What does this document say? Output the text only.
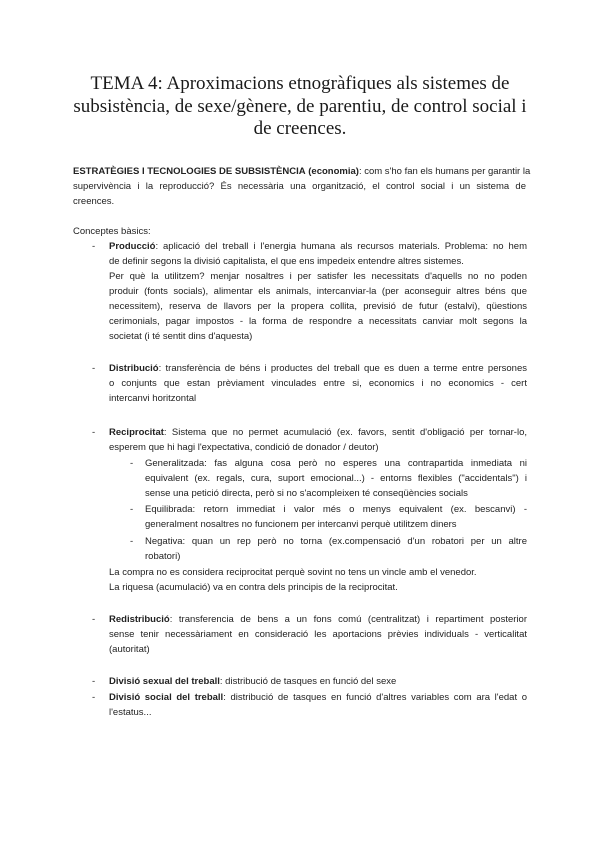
TEMA 4: Aproximacions etnogràfiques als sistemes de
subsistència, de sexe/gènere, de parentiu, de control social i
de creences.
ESTRATÈGIES I TECNOLOGIES DE SUBSISTÈNCIA (economia): com s'ho fan els humans per garantir la
supervivència i la reproducció? És necessària una organització, el control social i un sistema de
creences.
Conceptes bàsics:
- Producció: aplicació del treball i l'energia humana als recursos materials. Problema: no hem
de definir segons la divisió capitalista, el que ens impedeix entendre altres sistemes.
Per què la utilitzem? menjar nosaltres i per satisfer les necessitats d'aquells no no poden
produir (fonts socials), alimentar els animals, intercanviar-la (per aconseguir altres béns que
necessitem), reserva de llavors per la propera collita, previsió de futur (estalvi), qüestions
cerimonials, pagar impostos - la forma de respondre a necessitats canviar molt segons la
societat (i té sentit dins d'aquesta)
- Distribució: transferència de béns i productes del treball que es duen a terme entre persones
o conjunts que estan prèviament vinculades entre si, economics i no economics - cert
intercanvi horitzontal
- Reciprocitat: Sistema que no permet acumulació (ex. favors, sentit d'obligació per tornar-lo,
esperem que hi hagi l'expectativa, condició de donador / deutor)
- Generalitzada: fas alguna cosa però no esperes una contrapartida inmediata ni
equivalent (ex. regals, cura, suport emocional...) - entorns flexibles ("accidentals") i
sense una petició directa, però si no s'acompleixen té conseqüències socials
- Equilibrada: retorn immediat i valor més o menys equivalent (ex. bescanvi) -
generalment nosaltres no funcionem per intercanvi perquè utilitzem diners
- Negativa: quan un rep però no torna (ex.compensació d'un robatori per un altre
robatori)
La compra no es considera reciprocitat perquè sovint no tens un vincle amb el venedor.
La riquesa (acumulació) va en contra dels principis de la reciprocitat.
- Redistribució: transferencia de bens a un fons comú (centralitzat) i repartiment posterior
sense tenir necessàriament en consideració les aportacions prèvies individuals - verticalitat
(autoritat)
- Divisió sexual del treball: distribució de tasques en funció del sexe
- Divisió social del treball: distribució de tasques en funció d'altres variables com ara l'edat o
l'estatus...
